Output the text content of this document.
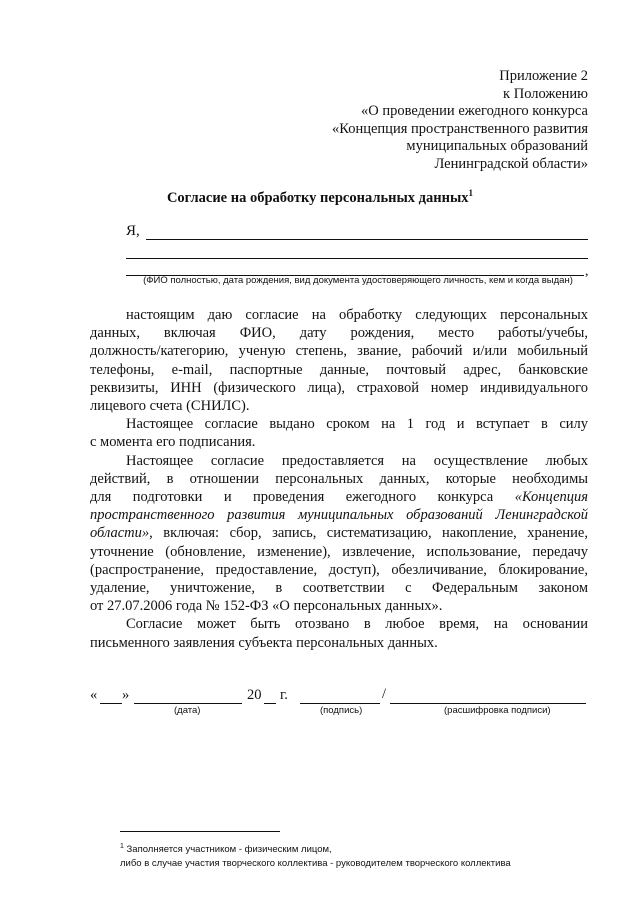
Приложение 2
к Положению
«О проведении ежегодного конкурса
«Концепция пространственного развития
муниципальных образований
Ленинградской области»
Согласие на обработку персональных данных$^1$
Я,
,
(ФИО полностью, дата рождения, вид документа удостоверяющего личность, кем и когда выдан)

настоящим даю согласие на обработку следующих персональных

данных, включая ФИО, дату рождения, место работы/учебы,

должность/категорию, ученую степень, звание, рабочий и/или мобильный

телефоны, e-mail, паспортные данные, почтовый адрес, банковские

реквизиты, ИНН (физического лица), страховой номер индивидуального

лицевого счета (СНИЛС).

Настоящее согласие выдано сроком на 1 год и вступает в силу

с момента его подписания.

Настоящее согласие предоставляется на осуществление любых

действий, в отношении персональных данных, которые необходимы

для подготовки и проведения ежегодного конкурса «Концепция

пространственного развития муниципальных образований Ленинградской

области», включая: сбор, запись, систематизацию, накопление, хранение,

уточнение (обновление, изменение), извлечение, использование, передачу

(распространение, предоставление, доступ), обезличивание, блокирование,

удаление, уничтожение, в соответствии с Федеральным законом

от 27.07.2006 года № 152-ФЗ «О персональных данных».

Согласие может быть отозвано в любое время, на основании

письменного заявления субъекта персональных данных.

« »	20 г.	/
(дата)	(подпись)	(расшифровка подписи)
$^1$ Заполняется участником - физическим лицом,
либо в случае участия творческого коллектива - руководителем творческого коллектива
